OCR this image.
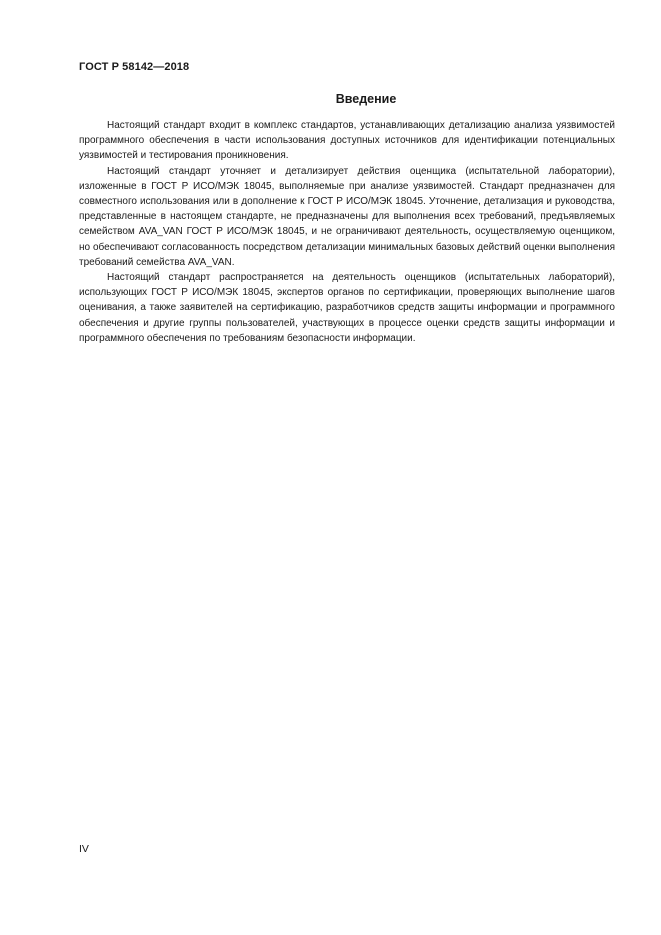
ГОСТ Р 58142—2018
Введение

Настоящий стандарт входит в комплекс стандартов, устанавливающих детализацию анализа уязвимостей программного обеспечения в части использования доступных источников для идентификации потенциальных уязвимостей и тестирования проникновения.

Настоящий стандарт уточняет и детализирует действия оценщика (испытательной лаборатории), изложенные в ГОСТ Р ИСО/МЭК 18045, выполняемые при анализе уязвимостей. Стандарт предназначен для совместного использования или в дополнение к ГОСТ Р ИСО/МЭК 18045. Уточнение, детализация и руководства, представленные в настоящем стандарте, не предназначены для выполнения всех требований, предъявляемых семейством AVA_VAN ГОСТ Р ИСО/МЭК 18045, и не ограничивают деятельность, осуществляемую оценщиком, но обеспечивают согласованность посредством детализации минимальных базовых действий оценки выполнения требований семейства AVA_VAN.

Настоящий стандарт распространяется на деятельность оценщиков (испытательных лабораторий), использующих ГОСТ Р ИСО/МЭК 18045, экспертов органов по сертификации, проверяющих выполнение шагов оценивания, а также заявителей на сертификацию, разработчиков средств защиты информации и программного обеспечения и другие группы пользователей, участвующих в процессе оценки средств защиты информации и программного обеспечения по требованиям безопасности информации.

IV
